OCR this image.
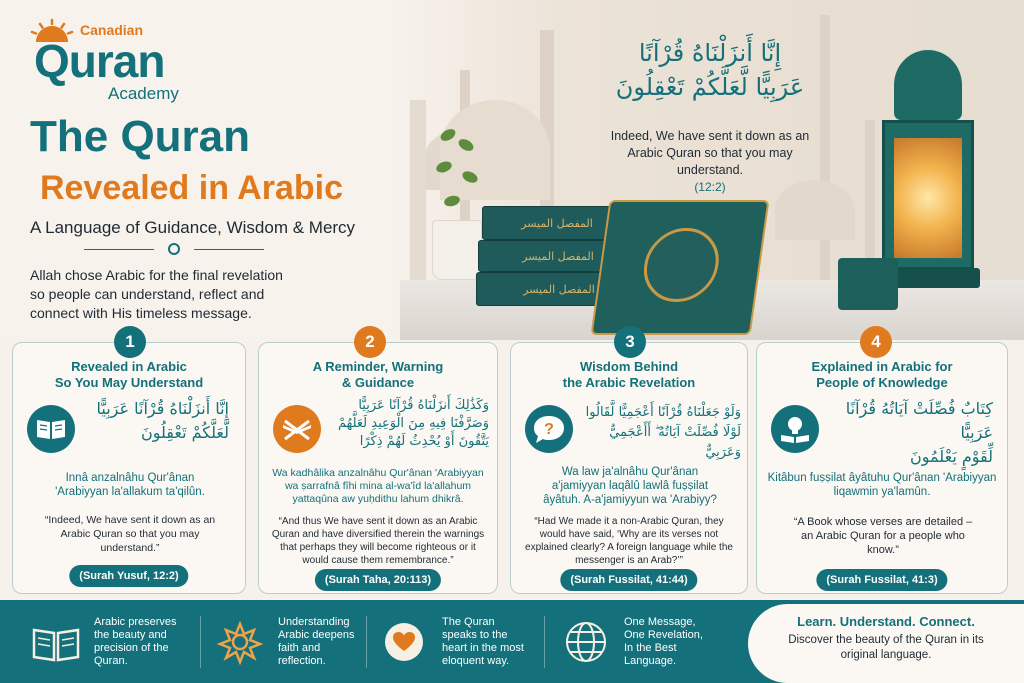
Canadian
Quran
Academy
The Quran
Revealed in Arabic
A Language of Guidance, Wisdom & Mercy
Allah chose Arabic for the final revelation so people can understand, reflect and connect with His timeless message.
إِنَّا أَنزَلْنَاهُ قُرْآنًا
عَرَبِيًّا لَّعَلَّكُمْ تَعْقِلُونَ
Indeed, We have sent it down as an Arabic Quran so that you may understand.
(12:2)
المفصل الميسر
المفصل الميسر
المفصل الميسر
1
Revealed in Arabic
So You May Understand
إِنَّا أَنزَلْنَاهُ قُرْآنًا عَرَبِيًّا
لَّعَلَّكُمْ تَعْقِلُونَ
Innâ anzalnâhu Qur'ânan 'Arabiyyan la'allakum ta'qilûn.
“Indeed, We have sent it down as an Arabic Quran so that you may understand.”
(Surah Yusuf, 12:2)
2
A Reminder, Warning
& Guidance
وَكَذَٰلِكَ أَنزَلْنَاهُ قُرْآنًا عَرَبِيًّا
وَصَرَّفْنَا فِيهِ مِنَ الْوَعِيدِ لَعَلَّهُمْ
يَتَّقُونَ أَوْ يُحْدِثُ لَهُمْ ذِكْرًا
Wa kadhâlika anzalnâhu Qur'ânan 'Arabiyyan wa ṣarrafnâ fîhi mina al-wa'îd la'allahum yattaqûna aw yuḥdithu lahum dhikrâ.
“And thus We have sent it down as an Arabic Quran and have diversified therein the warnings that perhaps they will become righteous or it would cause them remembrance.”
(Surah Taha, 20:113)
3
Wisdom Behind
the Arabic Revelation
?
وَلَوْ جَعَلْنَاهُ قُرْآنًا أَعْجَمِيًّا لَّقَالُوا
لَوْلَا فُصِّلَتْ آيَاتُهُ ۖ أَأَعْجَمِيٌّ وَعَرَبِيٌّ
Wa law ja'alnâhu Qur'ânan a'jamiyyan laqâlû lawlâ fuṣṣilat âyâtuh. A-a'jamiyyun wa 'Arabiyy?
“Had We made it a non-Arabic Quran, they would have said, ‘Why are its verses not explained clearly? A foreign language while the messenger is an Arab?’”
(Surah Fussilat, 41:44)
4
Explained in Arabic for
People of Knowledge
كِتَابٌ فُصِّلَتْ آيَاتُهُ قُرْآنًا عَرَبِيًّا
لِّقَوْمٍ يَعْلَمُونَ
Kitâbun fuṣṣilat âyâtuhu Qur'ânan 'Arabiyyan liqawmin ya'lamûn.
“A Book whose verses are detailed – an Arabic Quran for a people who know.”
(Surah Fussilat, 41:3)
Arabic preserves the beauty and precision of the Quran.
Understanding Arabic deepens faith and reflection.
The Quran speaks to the heart in the most eloquent way.
One Message, One Revelation, In the Best Language.
Learn. Understand. Connect.
Discover the beauty of the Quran in its original language.
